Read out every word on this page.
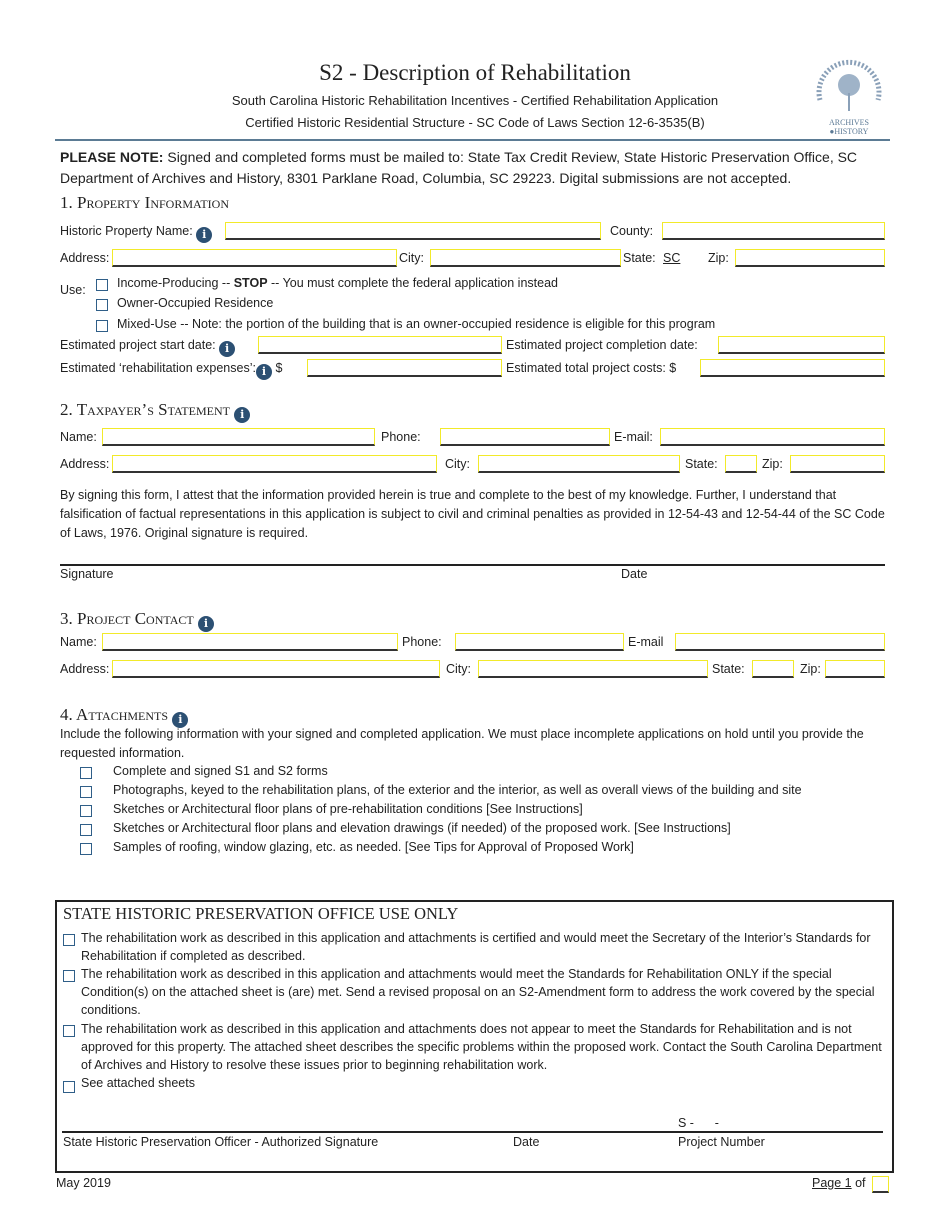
S2 - Description of Rehabilitation
South Carolina Historic Rehabilitation Incentives - Certified Rehabilitation Application
Certified Historic Residential Structure - SC Code of Laws Section 12-6-3535(B)	ARCHIVES
●HISTORY
PLEASE NOTE: Signed and completed forms must be mailed to: State Tax Credit Review, State Historic Preservation Office, SC Department of Archives and History, 8301 Parklane Road, Columbia, SC 29223. Digital submissions are not accepted.
1. Property Information
Historic Property Name: i	County:
Address:	City:	State: SC Zip:
Use:	Income-Producing -- STOP -- You must complete the federal application instead
Owner-Occupied Residence
Mixed-Use -- Note: the portion of the building that is an owner-occupied residence is eligible for this program
Estimated project start date: i	Estimated project completion date:
Estimated ‘rehabilitation expenses’: i $	Estimated total project costs: $
2. Taxpayer’s Statement i
Name:	Phone:	E-mail:
Address:	City:	State:	Zip:
By signing this form, I attest that the information provided herein is true and complete to the best of my knowledge. Further, I understand that falsification of factual representations in this application is subject to civil and criminal penalties as provided in 12-54-43 and 12-54-44 of the SC Code of Laws, 1976. Original signature is required.
Signature	Date
3. Project Contact i
Name:	Phone:	E-mail
Address:	City:	State:	Zip:
4. Attachments i
Include the following information with your signed and completed application. We must place incomplete applications on hold until you provide the requested information.
Complete and signed S1 and S2 forms
Photographs, keyed to the rehabilitation plans, of the exterior and the interior, as well as overall views of the building and site
Sketches or Architectural floor plans of pre-rehabilitation conditions [See Instructions]
Sketches or Architectural floor plans and elevation drawings (if needed) of the proposed work. [See Instructions]
Samples of roofing, window glazing, etc. as needed. [See Tips for Approval of Proposed Work]
STATE HISTORIC PRESERVATION OFFICE USE ONLY
The rehabilitation work as described in this application and attachments is certified and would meet the Secretary of the Interior’s Standards for Rehabilitation if completed as described.
The rehabilitation work as described in this application and attachments would meet the Standards for Rehabilitation ONLY if the special Condition(s) on the attached sheet is (are) met. Send a revised proposal on an S2-Amendment form to address the work covered by the special conditions.
The rehabilitation work as described in this application and attachments does not appear to meet the Standards for Rehabilitation and is not approved for this property. The attached sheet describes the specific problems within the proposed work. Contact the South Carolina Department of Archives and History to resolve these issues prior to beginning rehabilitation work.
See attached sheets
S -      -
State Historic Preservation Officer - Authorized Signature	Date	Project Number
May 2019	Page 1 of
